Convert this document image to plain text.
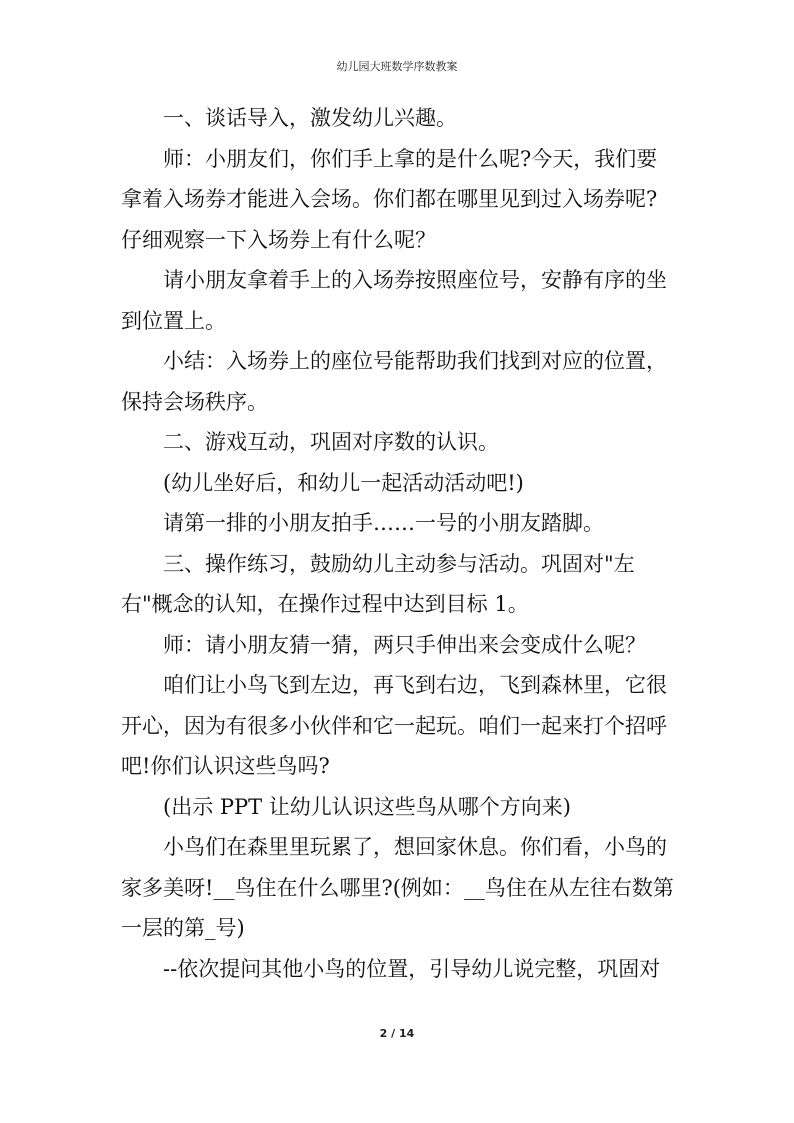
幼儿园大班数学序数教案

一、谈话导入，激发幼儿兴趣。

师：小朋友们，你们手上拿的是什么呢?今天，我们要拿着入场券才能进入会场。你们都在哪里见到过入场券呢?仔细观察一下入场券上有什么呢？

请小朋友拿着手上的入场券按照座位号，安静有序的坐到位置上。

小结：入场券上的座位号能帮助我们找到对应的位置，保持会场秩序。

二、游戏互动，巩固对序数的认识。

(幼儿坐好后，和幼儿一起活动活动吧!)

请第一排的小朋友拍手……一号的小朋友踏脚。

三、操作练习，鼓励幼儿主动参与活动。巩固对"左右"概念的认知，在操作过程中达到目标 1。

师：请小朋友猜一猜，两只手伸出来会变成什么呢？

咱们让小鸟飞到左边，再飞到右边，飞到森林里，它很开心，因为有很多小伙伴和它一起玩。咱们一起来打个招呼吧!你们认识这些鸟吗?

(出示 PPT 让幼儿认识这些鸟从哪个方向来)

小鸟们在森里里玩累了，想回家休息。你们看，小鸟的家多美呀!__鸟住在什么哪里?(例如：__鸟住在从左往右数第一层的第_号)

--依次提问其他小鸟的位置，引导幼儿说完整，巩固对

2 / 14
